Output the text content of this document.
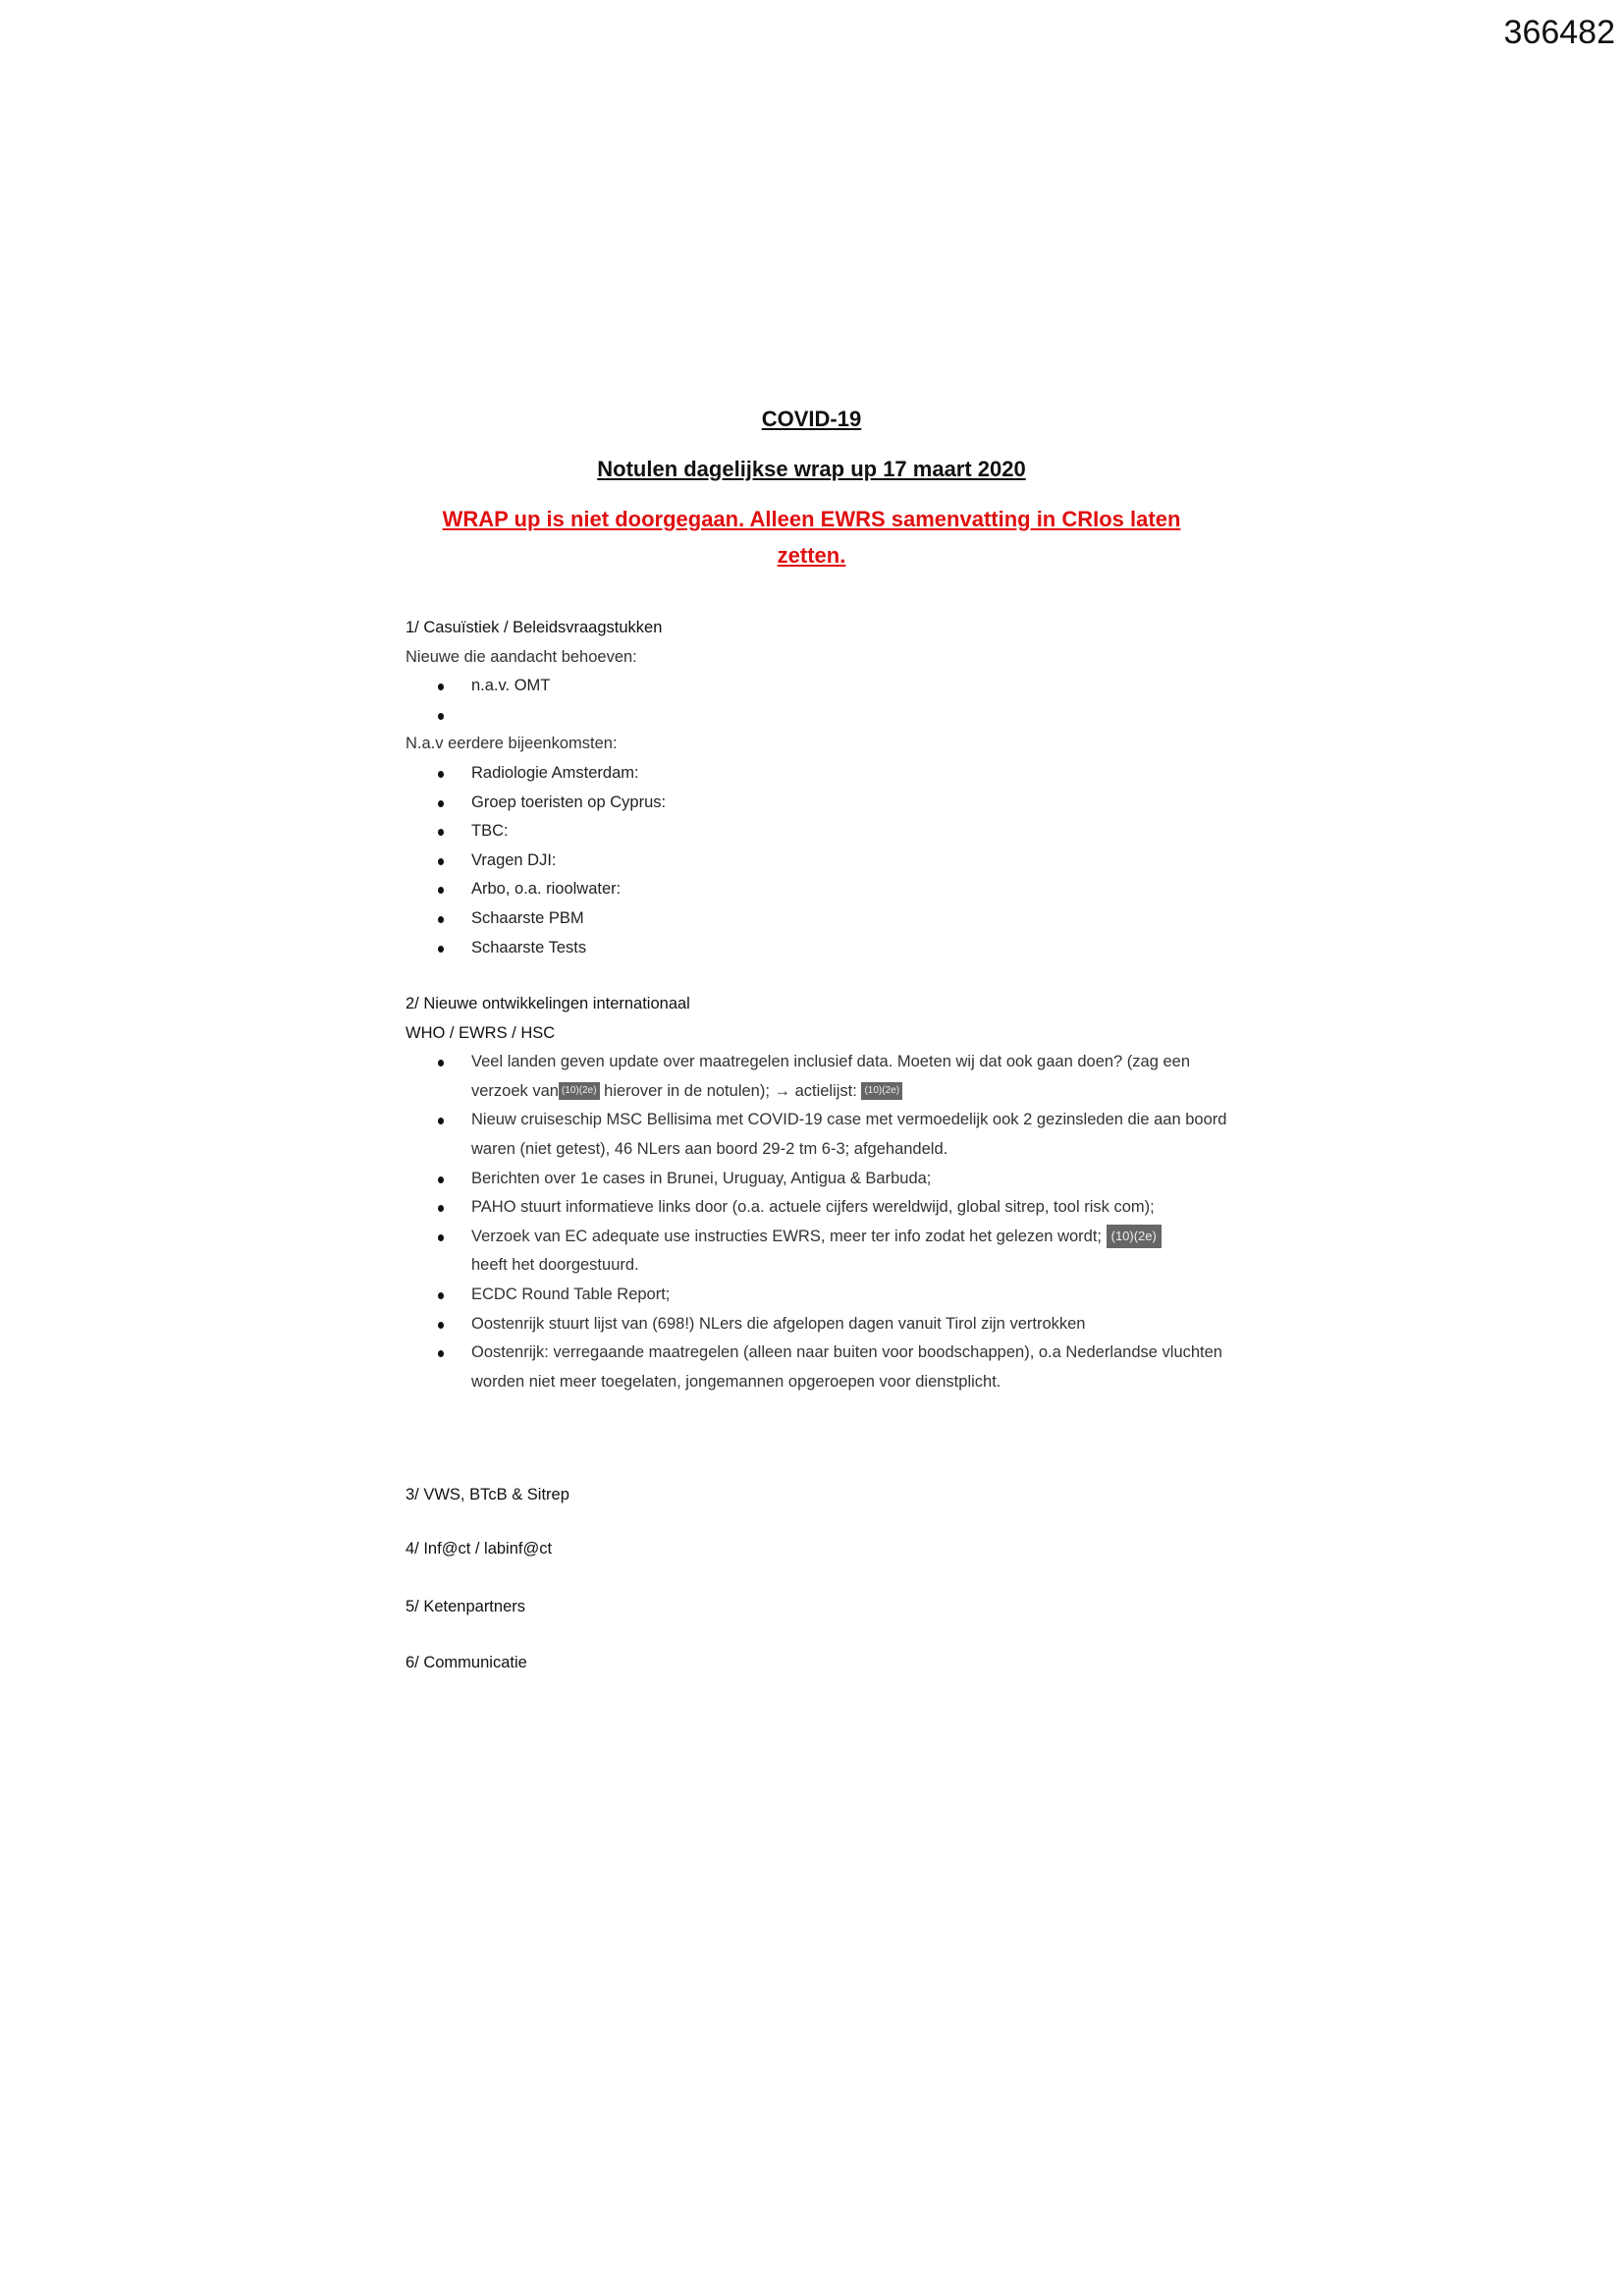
366482
COVID-19
Notulen dagelijkse wrap up 17 maart 2020
WRAP up is niet doorgegaan. Alleen EWRS samenvatting in CRIos laten
zetten.
1/ Casuïstiek / Beleidsvraagstukken
Nieuwe die aandacht behoeven:
n.a.v. OMT

N.a.v eerdere bijeenkomsten:
Radiologie Amsterdam:
Groep toeristen op Cyprus:
TBC:
Vragen DJI:
Arbo, o.a. rioolwater:
Schaarste PBM
Schaarste Tests
2/ Nieuwe ontwikkelingen internationaal
WHO / EWRS / HSC
Veel landen geven update over maatregelen inclusief data. Moeten wij dat ook gaan doen? (zag een verzoek van (10)(2e) hierover in de notulen); → actielijst: (10)(2e)
Nieuw cruiseschip MSC Bellisima met COVID-19 case met vermoedelijk ook 2 gezinsleden die aan boord waren (niet getest), 46 NLers aan boord 29-2 tm 6-3; afgehandeld.
Berichten over 1e cases in Brunei, Uruguay, Antigua & Barbuda;
PAHO stuurt informatieve links door (o.a. actuele cijfers wereldwijd, global sitrep, tool risk com);
Verzoek van EC adequate use instructies EWRS, meer ter info zodat het gelezen wordt; (10)(2e)
heeft het doorgestuurd.
ECDC Round Table Report;
Oostenrijk stuurt lijst van (698!) NLers die afgelopen dagen vanuit Tirol zijn vertrokken
Oostenrijk: verregaande maatregelen (alleen naar buiten voor boodschappen), o.a Nederlandse vluchten worden niet meer toegelaten, jongemannen opgeroepen voor dienstplicht.
3/ VWS, BTcB & Sitrep
4/ Inf@ct / labinf@ct
5/ Ketenpartners
6/ Communicatie
